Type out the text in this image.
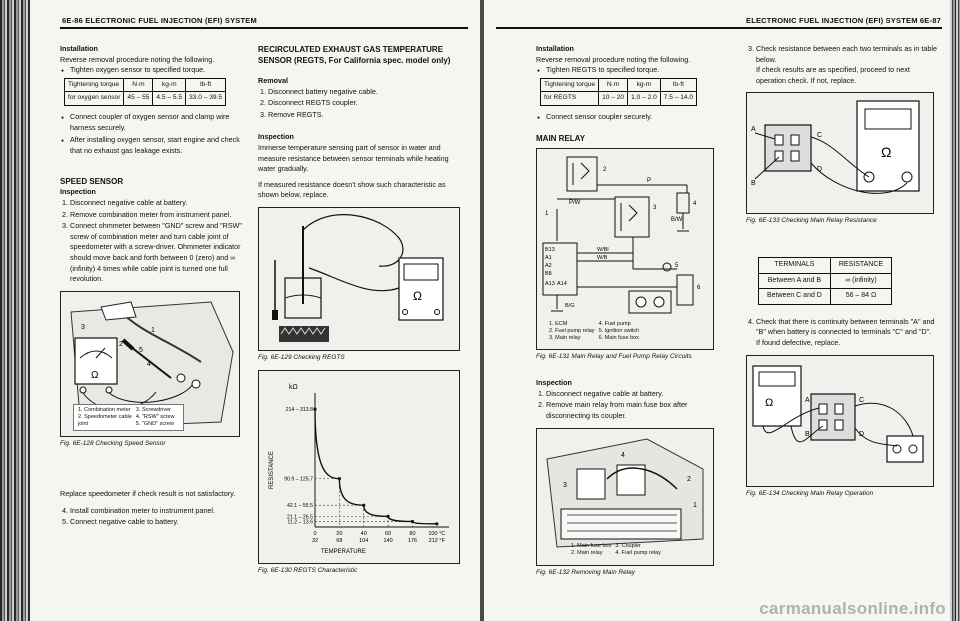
6E-86 ELECTRONIC FUEL INJECTION (EFI) SYSTEM
Installation
Reverse removal procedure noting the following.
● Tighten oxygen sensor to specified torque.
Tightening torque	N·m	kg-m	lb-ft
for oxygen sensor	45 – 55	4.5 – 5.5	33.0 – 39.5
● Connect coupler of oxygen sensor and clamp wire harness securely.
● After installing oxygen sensor, start engine and check that no exhaust gas leakage exists.
SPEED SENSOR
Inspection
1. Disconnect negative cable at battery.
2. Remove combination meter from instrument panel.
3. Connect ohmmeter between "GND" screw and "RSW" screw of combination meter and turn cable joint of speedometer with a screw-driver. Ohmmeter indicator should move back and forth between 0 (zero) and ∞ (infinity) 4 times while cable joint is turned one full revolution.
Ω
3
2
5
4
1
1. Combination meter
2. Speedometer cable
joint

3. Screwdriver
4. "RSW" screw
5. "GND" screw
Fig. 6E-128 Checking Speed Sensor

Replace speedometer if check result is not satisfactory.

4. Install combination meter to instrument panel.
5. Connect negative cable to battery.
RECIRCULATED EXHAUST GAS TEMPERATURE SENSOR (REGTS, For California spec. model only)
Removal
1. Disconnect battery negative cable.
2. Disconnect REGTS coupler.
3. Remove REGTS.
Inspection

Immerse temperature sensing part of sensor in water and measure resistance between sensor terminals while heating water gradually.

If measured resistance doesn't show such characteristic as shown below, replace.

Ω
Fig. 6E-129 Checking REGTS
kΩ
RESISTANCE
TEMPERATURE
214 – 313.8
90.9 – 125.7
42.1 – 55.5
21.1 – 26.5
11.2 – 13.6
0
32
20
68
40
104
60
140
80
176
100 °C
212 °F
Fig. 6E-130 REGTS Characteristic
ELECTRONIC FUEL INJECTION (EFI) SYSTEM 6E-87
Installation
Reverse removal procedure noting the following.
● Tighten REGTS to specified torque.
Tightening torque	N·m	kg-m	lb-ft
for REGTS	10 – 20	1.0 – 2.0	7.5 – 14.0
● Connect sensor coupler securely.
MAIN RELAY
2
P
P/W
1
3
B/W
4
B13
A1
A2
B8
W/Bl
W/B
5
A13 A14
6
B/G
1. ECM
2. Fuel pump relay
3. Main relay

4. Fuel pump
5. Ignition switch
6. Main fuse box
Fig. 6E-131 Main Relay and Fuel Pump Relay Circuits
Inspection
1. Disconnect negative cable at battery.
2. Remove main relay from main fuse box after disconnecting its coupler.
4
2
1
3
1. Main fuse box
2. Main relay

3. Coupler
4. Fuel pump relay
Fig. 6E-132 Removing Main Relay
3. Check resistance between each two terminals as in table below.
If check results are as specified, proceed to next operation check. If not, replace.
Ω
A
B
C
D
Fig. 6E-133 Checking Main Relay Resistance
TERMINALS	RESISTANCE
Between A and B	∞ (infinity)
Between C and D	56 – 84 Ω
4. Check that there is continuity between terminals "A" and "B" when battery is connected to terminals "C" and "D".
If found defective, replace.
Ω	A
B
C
D
Fig. 6E-134 Checking Main Relay Operation
carmanualsonline.info
